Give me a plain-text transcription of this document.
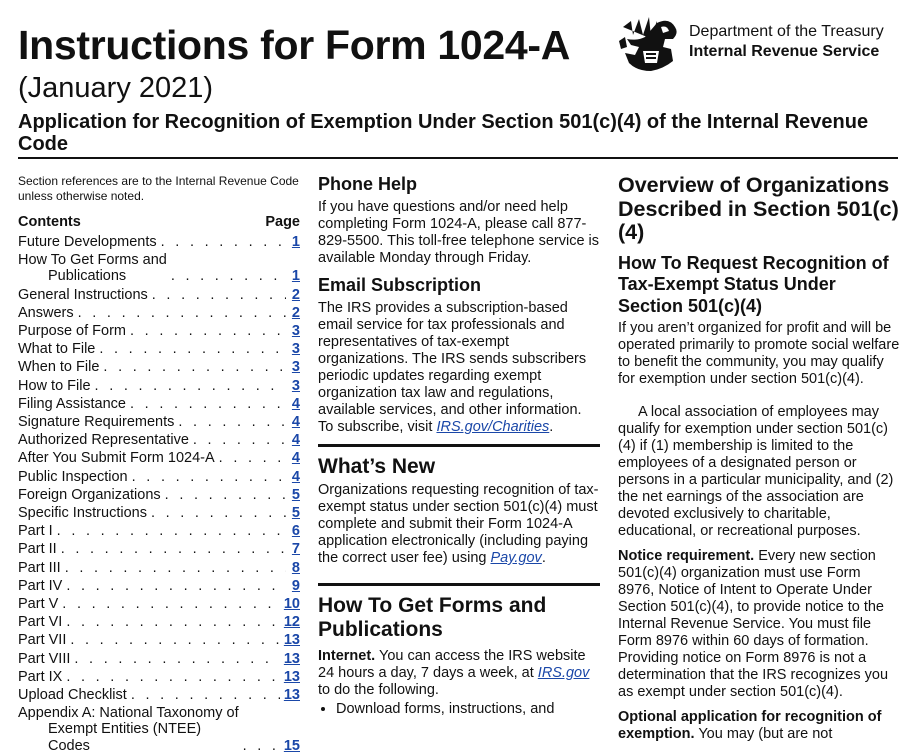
Instructions for Form 1024-A
(January 2021)
Application for Recognition of Exemption Under Section 501(c)(4) of the Internal Revenue Code
Department of the Treasury
Internal Revenue Service
Section references are to the Internal Revenue Code unless otherwise noted.
Contents	Page
Future Developments . . .	1
How To Get Forms and
Publications . . .	1
General Instructions . . .	2
Answers . . .	2
Purpose of Form . . .	3
What to File . . .	3
When to File . . .	3
How to File . . .	3
Filing Assistance . . .	4
Signature Requirements . . .	4
Authorized Representative . . .	4
After You Submit Form 1024-A . . .	4
Public Inspection . . .	4
Foreign Organizations . . .	5
Specific Instructions . . .	5
Part I . . .	6
Part II . . .	7
Part III . . .	8
Part IV . . .	9
Part V . . .	10
Part VI . . .	12
Part VII . . .	13
Part VIII . . .	13
Part IX . . .	13
Upload Checklist . . .	13
Appendix A: National Taxonomy of
Exempt Entities (NTEE)
Codes . . .	15
Phone Help

If you have questions and/or need help completing Form 1024-A, please call 877-829-5500. This toll-free telephone service is available Monday through Friday.

Email Subscription

The IRS provides a subscription-based email service for tax professionals and representatives of tax-exempt organizations. The IRS sends subscribers periodic updates regarding exempt organization tax law and regulations, available services, and other information. To subscribe, visit IRS.gov/Charities.

What’s New

Organizations requesting recognition of tax-exempt status under section 501(c)(4) must complete and submit their Form 1024-A application electronically (including paying the correct user fee) using Pay.gov.

How To Get Forms and Publications

Internet. You can access the IRS website 24 hours a day, 7 days a week, at IRS.gov to do the following.

• Download forms, instructions, and
Overview of Organizations Described in Section 501(c)(4)
How To Request Recognition of Tax-Exempt Status Under Section 501(c)(4)

If you aren’t organized for profit and will be operated primarily to promote social welfare to benefit the community, you may qualify for exemption under section 501(c)(4).

A local association of employees may qualify for exemption under section 501(c)(4) if (1) membership is limited to the employees of a designated person or persons in a particular municipality, and (2) the net earnings of the association are devoted exclusively to charitable, educational, or recreational purposes.

Notice requirement. Every new section 501(c)(4) organization must use Form 8976, Notice of Intent to Operate Under Section 501(c)(4), to provide notice to the Internal Revenue Service. You must file Form 8976 within 60 days of formation. Providing notice on Form 8976 is not a determination that the IRS recognizes you as exempt under section 501(c)(4).

Optional application for recognition of exemption. You may (but are not
